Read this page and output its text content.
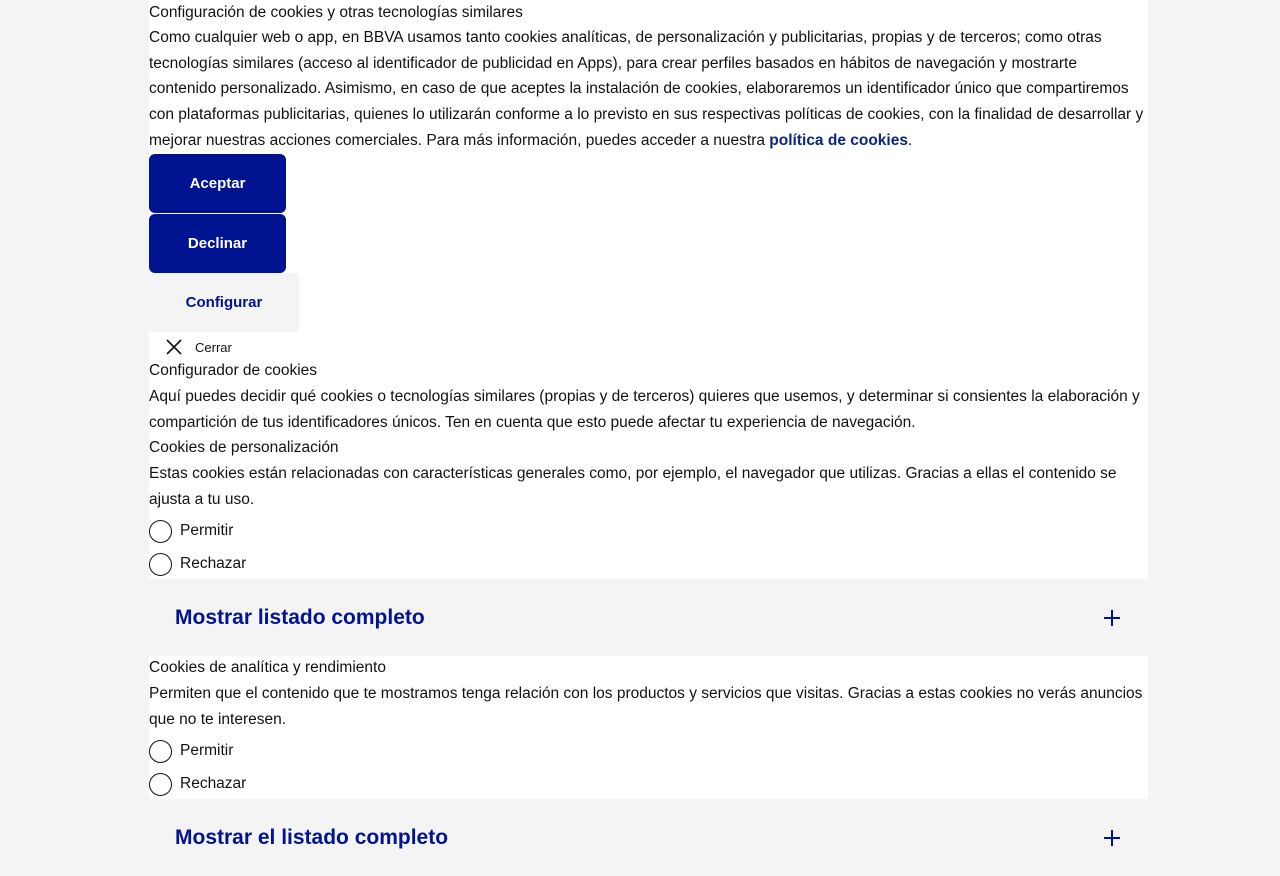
Configuración de cookies y otras tecnologías similares

Como cualquier web o app, en BBVA usamos tanto cookies analíticas, de personalización y publicitarias, propias y de terceros; como otras tecnologías similares (acceso al identificador de publicidad en Apps), para crear perfiles basados en hábitos de navegación y mostrarte contenido personalizado. Asimismo, en caso de que aceptes la instalación de cookies, elaboraremos un identificador único que compartiremos con plataformas publicitarias, quienes lo utilizarán conforme a lo previsto en sus respectivas políticas de cookies, con la finalidad de desarrollar y mejorar nuestras acciones comerciales. Para más información, puedes acceder a nuestra política de cookies.

Aceptar
Declinar
Configurar
Cerrar

Configurador de cookies

Aquí puedes decidir qué cookies o tecnologías similares (propias y de terceros) quieres que usemos, y determinar si consientes la elaboración y compartición de tus identificadores únicos. Ten en cuenta que esto puede afectar tu experiencia de navegación.

Cookies de personalización

Estas cookies están relacionadas con características generales como, por ejemplo, el navegador que utilizas. Gracias a ellas el contenido se ajusta a tu uso.

Permitir
Rechazar
Mostrar listado completo

Cookies de analítica y rendimiento

Permiten que el contenido que te mostramos tenga relación con los productos y servicios que visitas. Gracias a estas cookies no verás anuncios que no te interesen.

Permitir
Rechazar
Mostrar el listado completo
